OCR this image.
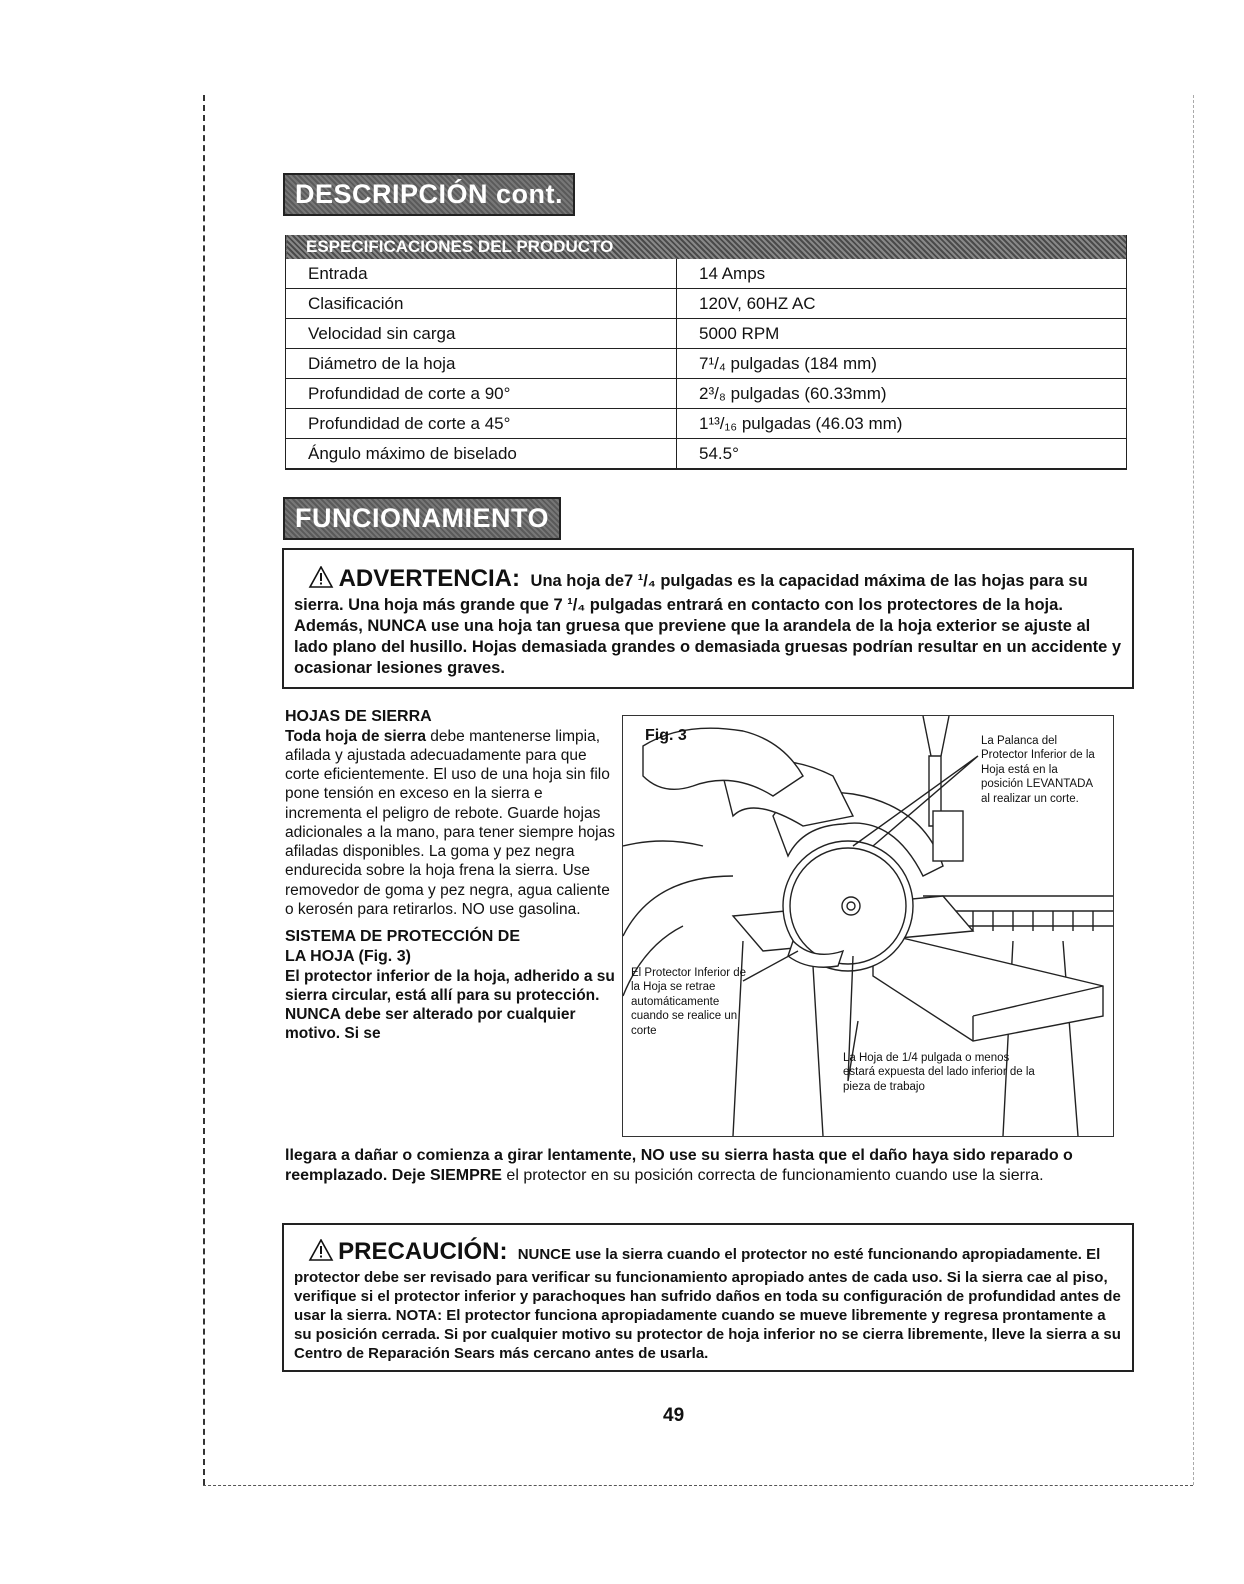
DESCRIPCIÓN cont.
ESPECIFICACIONES DEL PRODUCTO	
Entrada	14 Amps
Clasificación	120V, 60HZ AC
Velocidad sin carga	5000 RPM
Diámetro de la hoja	7¹/₄ pulgadas (184 mm)
Profundidad de corte a 90°	2³/₈ pulgadas (60.33mm)
Profundidad de corte a 45°	1¹³/₁₆ pulgadas (46.03 mm)
Ángulo máximo de biselado	54.5°
FUNCIONAMIENTO
ADVERTENCIA: Una hoja de7 ¹/₄ pulgadas es la capacidad máxima de las hojas para su sierra. Una hoja más grande que 7 ¹/₄ pulgadas entrará en contacto con los protectores de la hoja. Además, NUNCA use una hoja tan gruesa que previene que la arandela de la hoja exterior se ajuste al lado plano del husillo. Hojas demasiada grandes o demasiada gruesas podrían resultar en un accidente y ocasionar lesiones graves.
HOJAS DE SIERRA

Toda hoja de sierra debe mantenerse limpia, afilada y ajustada adecuadamente para que corte eficientemente. El uso de una hoja sin filo pone tensión en exceso en la sierra e incrementa el peligro de rebote. Guarde hojas adicionales a la mano, para tener siempre hojas afiladas disponibles. La goma y pez negra endurecida sobre la hoja frena la sierra. Use removedor de goma y pez negra, agua caliente o kerosén para retirarlos. NO use gasolina.

SISTEMA DE PROTECCIÓN DE
LA HOJA (Fig. 3)

El protector inferior de la hoja, adherido a su sierra circular, está allí para su protección. NUNCA debe ser alterado por cualquier motivo. Si se

Fig. 3	La Palanca del Protector Inferior de la Hoja está en la posición LEVANTADA al realizar un corte.
El Protector Inferior de la Hoja se retrae automáticamente cuando se realice un corte
La Hoja de 1/4 pulgada o menos estará expuesta del lado inferior de la pieza de trabajo
llegara a dañar o comienza a girar lentamente, NO use su sierra hasta que el daño haya sido reparado o reemplazado. Deje SIEMPRE el protector en su posición correcta de funcionamiento cuando use la sierra.
PRECAUCIÓN: NUNCE use la sierra cuando el protector no esté funcionando apropiadamente. El protector debe ser revisado para verificar su funcionamiento apropiado antes de cada uso. Si la sierra cae al piso, verifique si el protector inferior y parachoques han sufrido daños en toda su configuración de profundidad antes de usar la sierra. NOTA: El protector funciona apropiadamente cuando se mueve libremente y regresa prontamente a su posición cerrada. Si por cualquier motivo su protector de hoja inferior no se cierra libremente, lleve la sierra a su Centro de Reparación Sears más cercano antes de usarla.
49
